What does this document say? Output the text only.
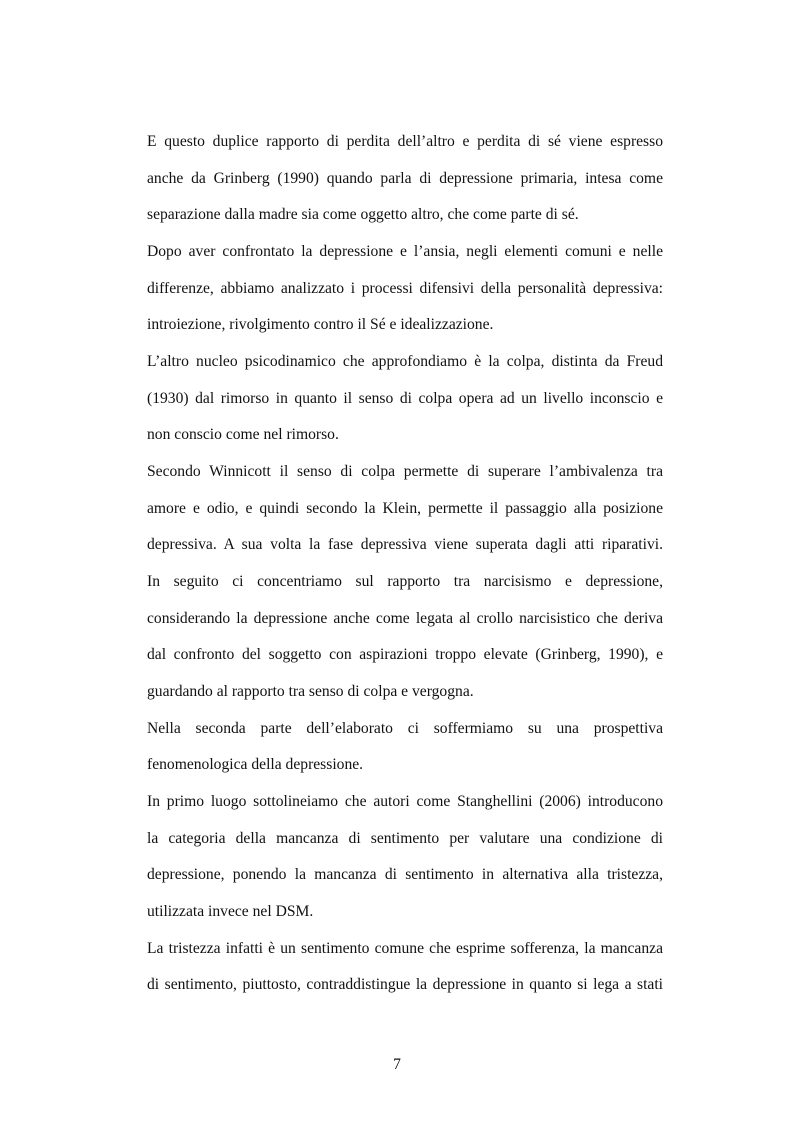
E questo duplice rapporto di perdita dell’altro e perdita di sé viene espresso
anche da Grinberg (1990) quando parla di depressione primaria, intesa come
separazione dalla madre sia come oggetto altro, che come parte di sé.
Dopo aver confrontato la depressione e l’ansia, negli elementi comuni e nelle
differenze, abbiamo analizzato i processi difensivi della personalità depressiva:
introiezione, rivolgimento contro il Sé e idealizzazione.
L’altro nucleo psicodinamico che approfondiamo è la colpa, distinta da Freud
(1930) dal rimorso in quanto il senso di colpa opera ad un livello inconscio e
non conscio come nel rimorso.
Secondo Winnicott il senso di colpa permette di superare l’ambivalenza tra
amore e odio, e quindi secondo la Klein, permette il passaggio alla posizione
depressiva. A sua volta la fase depressiva viene superata dagli atti riparativi.
In seguito ci concentriamo sul rapporto tra narcisismo e depressione,
considerando la depressione anche come legata al crollo narcisistico che deriva
dal confronto del soggetto con aspirazioni troppo elevate (Grinberg, 1990), e
guardando al rapporto tra senso di colpa e vergogna.
Nella seconda parte dell’elaborato ci soffermiamo su una prospettiva
fenomenologica della depressione.
In primo luogo sottolineiamo che autori come Stanghellini (2006) introducono
la categoria della mancanza di sentimento per valutare una condizione di
depressione, ponendo la mancanza di sentimento in alternativa alla tristezza,
utilizzata invece nel DSM.
La tristezza infatti è un sentimento comune che esprime sofferenza, la mancanza
di sentimento, piuttosto, contraddistingue la depressione in quanto si lega a stati
7
